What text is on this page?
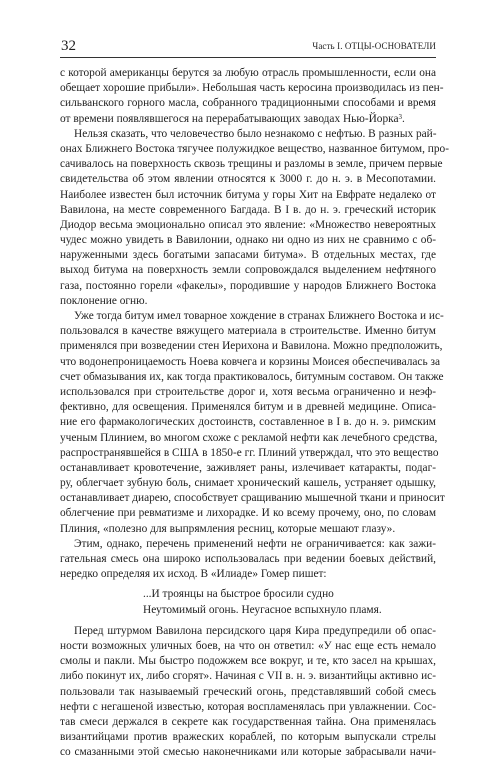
32	Часть I. ОТЦЫ-ОСНОВАТЕЛИ
с которой американцы берутся за любую отрасль промышленности, если она
обещает хорошие прибыли». Небольшая часть керосина производилась из пен-
сильванского горного масла, собранного традиционными способами и время
от времени появлявшегося на перерабатывающих заводах Нью-Йорка$^3$.
Нельзя сказать, что человечество было незнакомо с нефтью. В разных рай-
онах Ближнего Востока тягучее полужидкое вещество, названное битумом, про-
сачивалось на поверхность сквозь трещины и разломы в земле, причем первые
свидетельства об этом явлении относятся к 3000 г. до н. э. в Месопотамии.
Наиболее известен был источник битума у горы Хит на Евфрате недалеко от
Вавилона, на месте современного Багдада. В I в. до н. э. греческий историк
Диодор весьма эмоционально описал это явление: «Множество невероятных
чудес можно увидеть в Вавилонии, однако ни одно из них не сравнимо с об-
наруженными здесь богатыми запасами битума». В отдельных местах, где
выход битума на поверхность земли сопровождался выделением нефтяного
газа, постоянно горели «факелы», породившие у народов Ближнего Востока
поклонение огню.
Уже тогда битум имел товарное хождение в странах Ближнего Востока и ис-
пользовался в качестве вяжущего материала в строительстве. Именно битум
применялся при возведении стен Иерихона и Вавилона. Можно предположить,
что водонепроницаемость Ноева ковчега и корзины Моисея обеспечивалась за
счет обмазывания их, как тогда практиковалось, битумным составом. Он также
использовался при строительстве дорог и, хотя весьма ограниченно и неэф-
фективно, для освещения. Применялся битум и в древней медицине. Описа-
ние его фармакологических достоинств, составленное в I в. до н. э. римским
ученым Плинием, во многом схоже с рекламой нефти как лечебного средства,
распространявшейся в США в 1850-е гг. Плиний утверждал, что это вещество
останавливает кровотечение, заживляет раны, излечивает катаракты, подаг-
ру, облегчает зубную боль, снимает хронический кашель, устраняет одышку,
останавливает диарею, способствует сращиванию мышечной ткани и приносит
облегчение при ревматизме и лихорадке. И ко всему прочему, оно, по словам
Плиния, «полезно для выпрямления ресниц, которые мешают глазу».
Этим, однако, перечень применений нефти не ограничивается: как зажи-
гательная смесь она широко использовалась при ведении боевых действий,
нередко определяя их исход. В «Илиаде» Гомер пишет:
...И троянцы на быстрое бросили судно
Неутомимый огонь. Неугасное вспыхнуло пламя.
Перед штурмом Вавилона персидского царя Кира предупредили об опас-
ности возможных уличных боев, на что он ответил: «У нас еще есть немало
смолы и пакли. Мы быстро подожжем все вокруг, и те, кто засел на крышах,
либо покинут их, либо сгорят». Начиная с VII в. н. э. византийцы активно ис-
пользовали так называемый греческий огонь, представлявший собой смесь
нефти с негашеной известью, которая воспламенялась при увлажнении. Сос-
тав смеси держался в секрете как государственная тайна. Она применялась
византийцами против вражеских кораблей, по которым выпускали стрелы
со смазанными этой смесью наконечниками или которые забрасывали начи-
